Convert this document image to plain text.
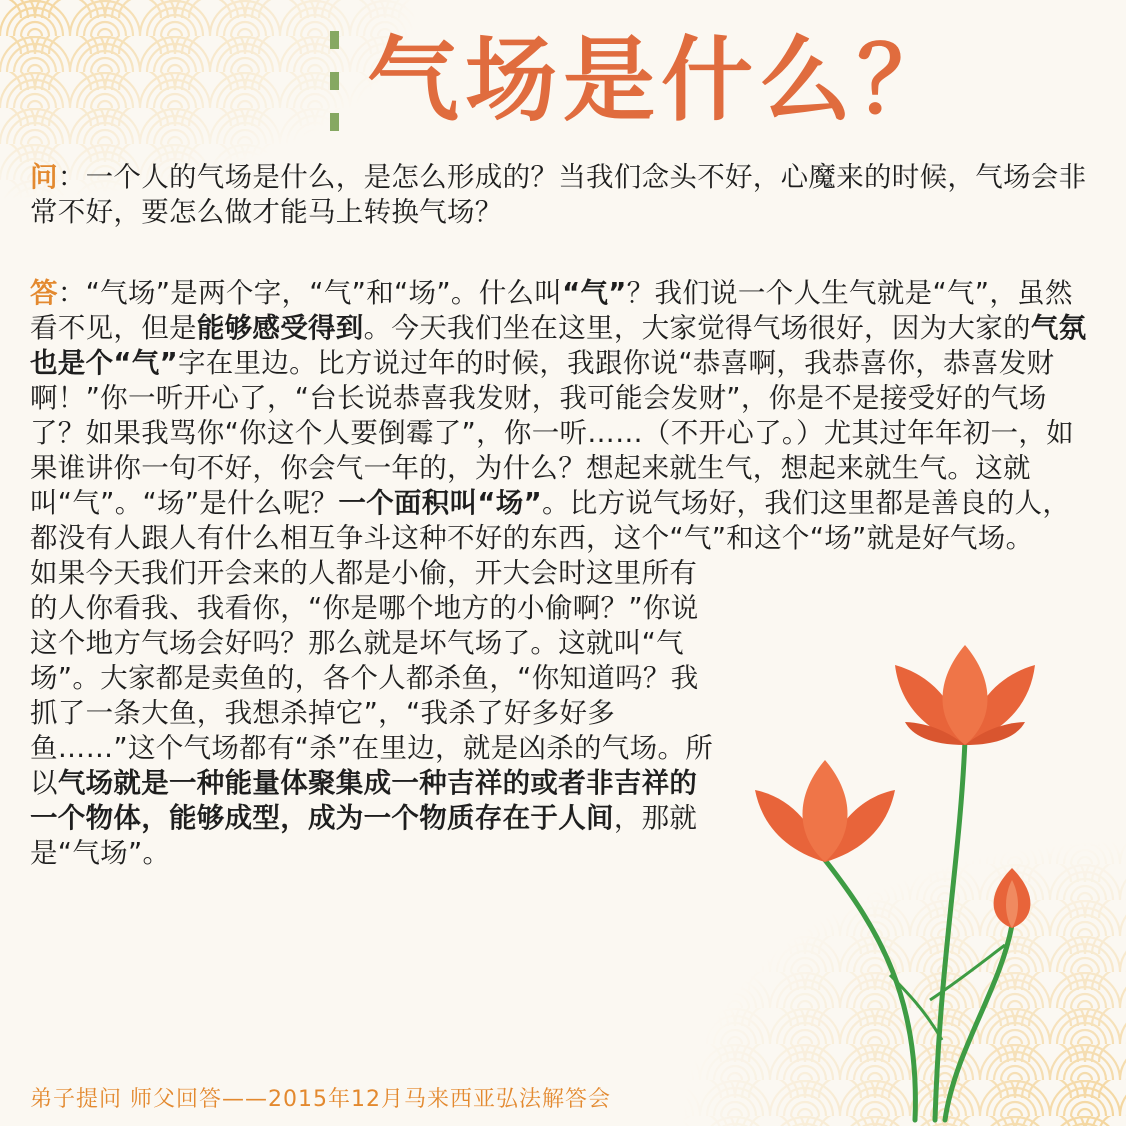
气场是什么？

问：一个人的气场是什么，是怎么形成的？当我们念头不好，心魔来的时候，气场会非常不好，要怎么做才能马上转换气场？

答：“气场”是两个字，“气”和“场”。什么叫“气”？我们说一个人生气就是“气”，虽然看不见，但是能够感受得到。今天我们坐在这里，大家觉得气场很好，因为大家的气氛也是个“气”字在里边。比方说过年的时候，我跟你说“恭喜啊，我恭喜你，恭喜发财啊！”你一听开心了，“台长说恭喜我发财，我可能会发财”，你是不是接受好的气场了？如果我骂你“你这个人要倒霉了”，你一听……（不开心了。）尤其过年年初一，如果谁讲你一句不好，你会气一年的，为什么？想起来就生气，想起来就生气。这就叫“气”。“场”是什么呢？一个面积叫“场”。比方说气场好，我们这里都是善良的人，都没有人跟人有什么相互争斗这种不好的东西，这个“气”和这个“场”就是好气场。

如果今天我们开会来的人都是小偷，开大会时这里所有的人你看我、我看你，“你是哪个地方的小偷啊？”你说这个地方气场会好吗？那么就是坏气场了。这就叫“气场”。大家都是卖鱼的，各个人都杀鱼，“你知道吗？我抓了一条大鱼，我想杀掉它”，“我杀了好多好多鱼……”这个气场都有“杀”在里边，就是凶杀的气场。所以气场就是一种能量体聚集成一种吉祥的或者非吉祥的一个物体，能够成型，成为一个物质存在于人间，那就是“气场”。

弟子提问 师父回答——2015年12月马来西亚弘法解答会
